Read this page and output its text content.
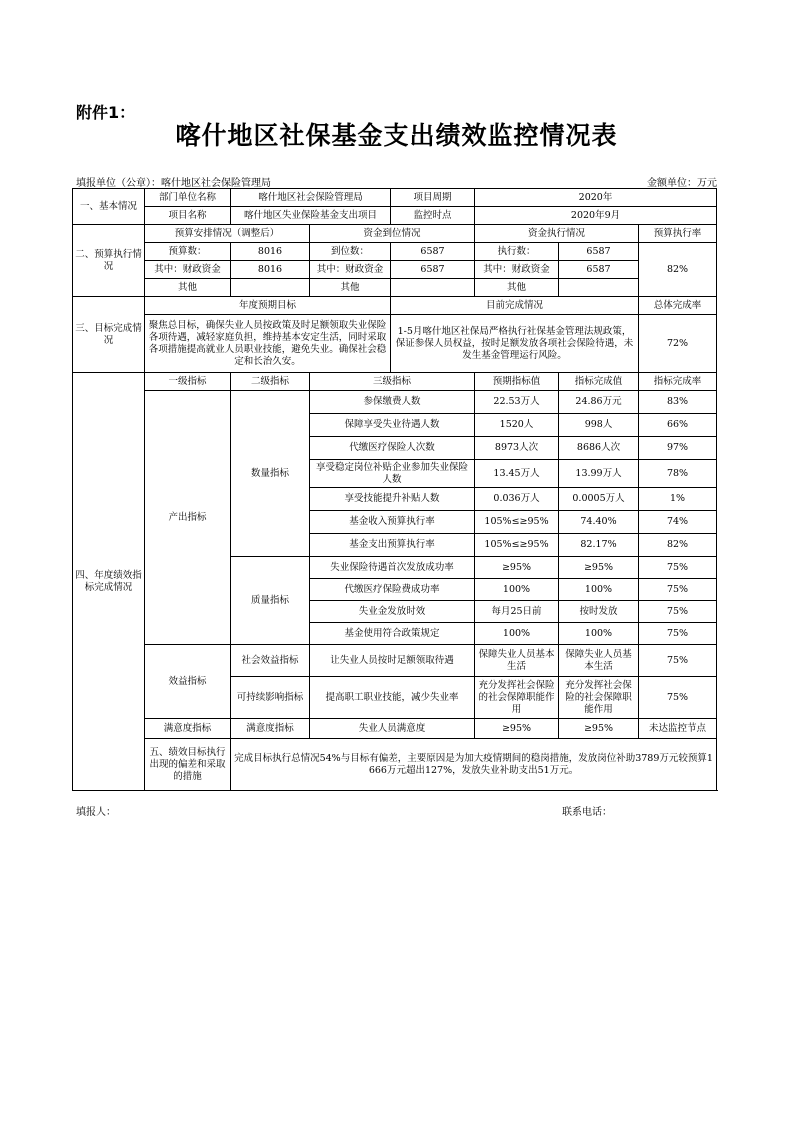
附件1：
喀什地区社保基金支出绩效监控情况表
填报单位（公章）：喀什地区社会保险管理局	金额单位：万元
一、基本情况	部门单位名称	喀什地区社会保险管理局		项目周期	2020年		
	项目名称	喀什地区失业保险基金支出项目		监控时点	2020年9月		
二、预算执行情况	预算安排情况（调整后）		资金到位情况		资金执行情况		预算执行率
	预算数：	8016	到位数：	6587	执行数：	6587	82%
	其中：财政资金	8016	其中：财政资金	6587	其中：财政资金	6587	
	其他		其他		其他		
三、目标完成情况	年度预期目标			目前完成情况			总体完成率
	聚焦总目标，确保失业人员按政策及时足额领取失业保险各项待遇，减轻家庭负担，维持基本安定生活，同时采取各项措施提高就业人员职业技能，避免失业。确保社会稳定和长治久安。			1-5月喀什地区社保局严格执行社保基金管理法规政策，保证参保人员权益，按时足额发放各项社会保险待遇，未发生基金管理运行风险。			72%
四、年度绩效指标完成情况	一级指标	二级指标	三级指标		预期指标值	指标完成值	指标完成率
	产出指标	数量指标	参保缴费人数		22.53万人	24.86万元	83%
			保障享受失业待遇人数		1520人	998人	66%
			代缴医疗保险人次数		8973人次	8686人次	97%
			享受稳定岗位补贴企业参加失业保险人数		13.45万人	13.99万人	78%
			享受技能提升补贴人数		0.036万人	0.0005万人	1%
			基金收入预算执行率		105%≤≥95%	74.40%	74%
			基金支出预算执行率		105%≤≥95%	82.17%	82%
		质量指标	失业保险待遇首次发放成功率		≥95%	≥95%	75%
			代缴医疗保险费成功率		100%	100%	75%
			失业金发放时效		每月25日前	按时发放	75%
			基金使用符合政策规定		100%	100%	75%
	效益指标	社会效益指标	让失业人员按时足额领取待遇		保障失业人员基本生活	保障失业人员基本生活	75%
		可持续影响指标	提高职工职业技能，减少失业率		充分发挥社会保险的社会保障职能作用	充分发挥社会保险的社会保障职能作用	75%
	满意度指标	满意度指标	失业人员满意度		≥95%	≥95%	未达监控节点
	五、绩效目标执行出现的偏差和采取的措施	完成目标执行总情况54%与目标有偏差，主要原因是为加大疫情期间的稳岗措施，发放岗位补助3789万元较预算1666万元超出127%，发放失业补助支出51万元。					
填报人：	联系电话：
